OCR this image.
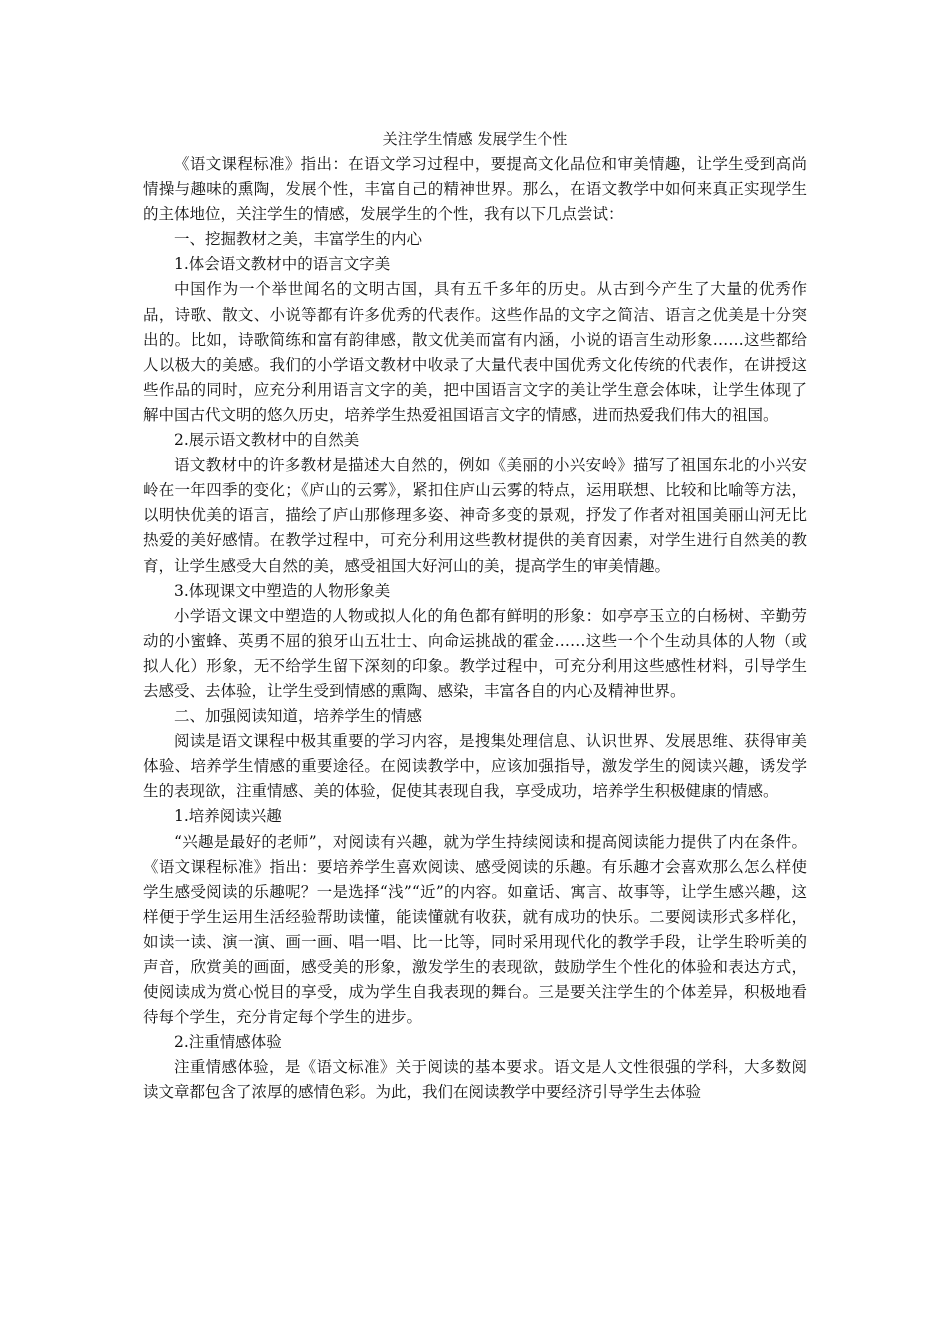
关注学生情感 发展学生个性

《语文课程标准》指出：在语文学习过程中，要提高文化品位和审美情趣，让学生受到高尚情操与趣味的熏陶，发展个性，丰富自己的精神世界。那么，在语文教学中如何来真正实现学生的主体地位，关注学生的情感，发展学生的个性，我有以下几点尝试：

一、挖掘教材之美，丰富学生的内心

1.体会语文教材中的语言文字美

中国作为一个举世闻名的文明古国，具有五千多年的历史。从古到今产生了大量的优秀作品，诗歌、散文、小说等都有许多优秀的代表作。这些作品的文字之简洁、语言之优美是十分突出的。比如，诗歌简练和富有韵律感，散文优美而富有内涵，小说的语言生动形象……这些都给人以极大的美感。我们的小学语文教材中收录了大量代表中国优秀文化传统的代表作，在讲授这些作品的同时，应充分利用语言文字的美，把中国语言文字的美让学生意会体味，让学生体现了解中国古代文明的悠久历史，培养学生热爱祖国语言文字的情感，进而热爱我们伟大的祖国。

2.展示语文教材中的自然美

语文教材中的许多教材是描述大自然的，例如《美丽的小兴安岭》描写了祖国东北的小兴安岭在一年四季的变化；《庐山的云雾》，紧扣住庐山云雾的特点，运用联想、比较和比喻等方法，以明快优美的语言，描绘了庐山那修理多姿、神奇多变的景观，抒发了作者对祖国美丽山河无比热爱的美好感情。在教学过程中，可充分利用这些教材提供的美育因素，对学生进行自然美的教育，让学生感受大自然的美，感受祖国大好河山的美，提高学生的审美情趣。

3.体现课文中塑造的人物形象美

小学语文课文中塑造的人物或拟人化的角色都有鲜明的形象：如亭亭玉立的白杨树、辛勤劳动的小蜜蜂、英勇不屈的狼牙山五壮士、向命运挑战的霍金……这些一个个生动具体的人物（或拟人化）形象，无不给学生留下深刻的印象。教学过程中，可充分利用这些感性材料，引导学生去感受、去体验，让学生受到情感的熏陶、感染，丰富各自的内心及精神世界。

二、加强阅读知道，培养学生的情感

阅读是语文课程中极其重要的学习内容，是搜集处理信息、认识世界、发展思维、获得审美体验、培养学生情感的重要途径。在阅读教学中，应该加强指导，激发学生的阅读兴趣，诱发学生的表现欲，注重情感、美的体验，促使其表现自我，享受成功，培养学生积极健康的情感。

1.培养阅读兴趣

“兴趣是最好的老师”，对阅读有兴趣，就为学生持续阅读和提高阅读能力提供了内在条件。《语文课程标准》指出：要培养学生喜欢阅读、感受阅读的乐趣。有乐趣才会喜欢那么怎么样使学生感受阅读的乐趣呢？一是选择“浅”“近”的内容。如童话、寓言、故事等，让学生感兴趣，这样便于学生运用生活经验帮助读懂，能读懂就有收获，就有成功的快乐。二要阅读形式多样化，如读一读、演一演、画一画、唱一唱、比一比等，同时采用现代化的教学手段，让学生聆听美的声音，欣赏美的画面，感受美的形象，激发学生的表现欲，鼓励学生个性化的体验和表达方式，使阅读成为赏心悦目的享受，成为学生自我表现的舞台。三是要关注学生的个体差异，积极地看待每个学生，充分肯定每个学生的进步。

2.注重情感体验

注重情感体验，是《语文标准》关于阅读的基本要求。语文是人文性很强的学科，大多数阅读文章都包含了浓厚的感情色彩。为此，我们在阅读教学中要经济引导学生去体验
